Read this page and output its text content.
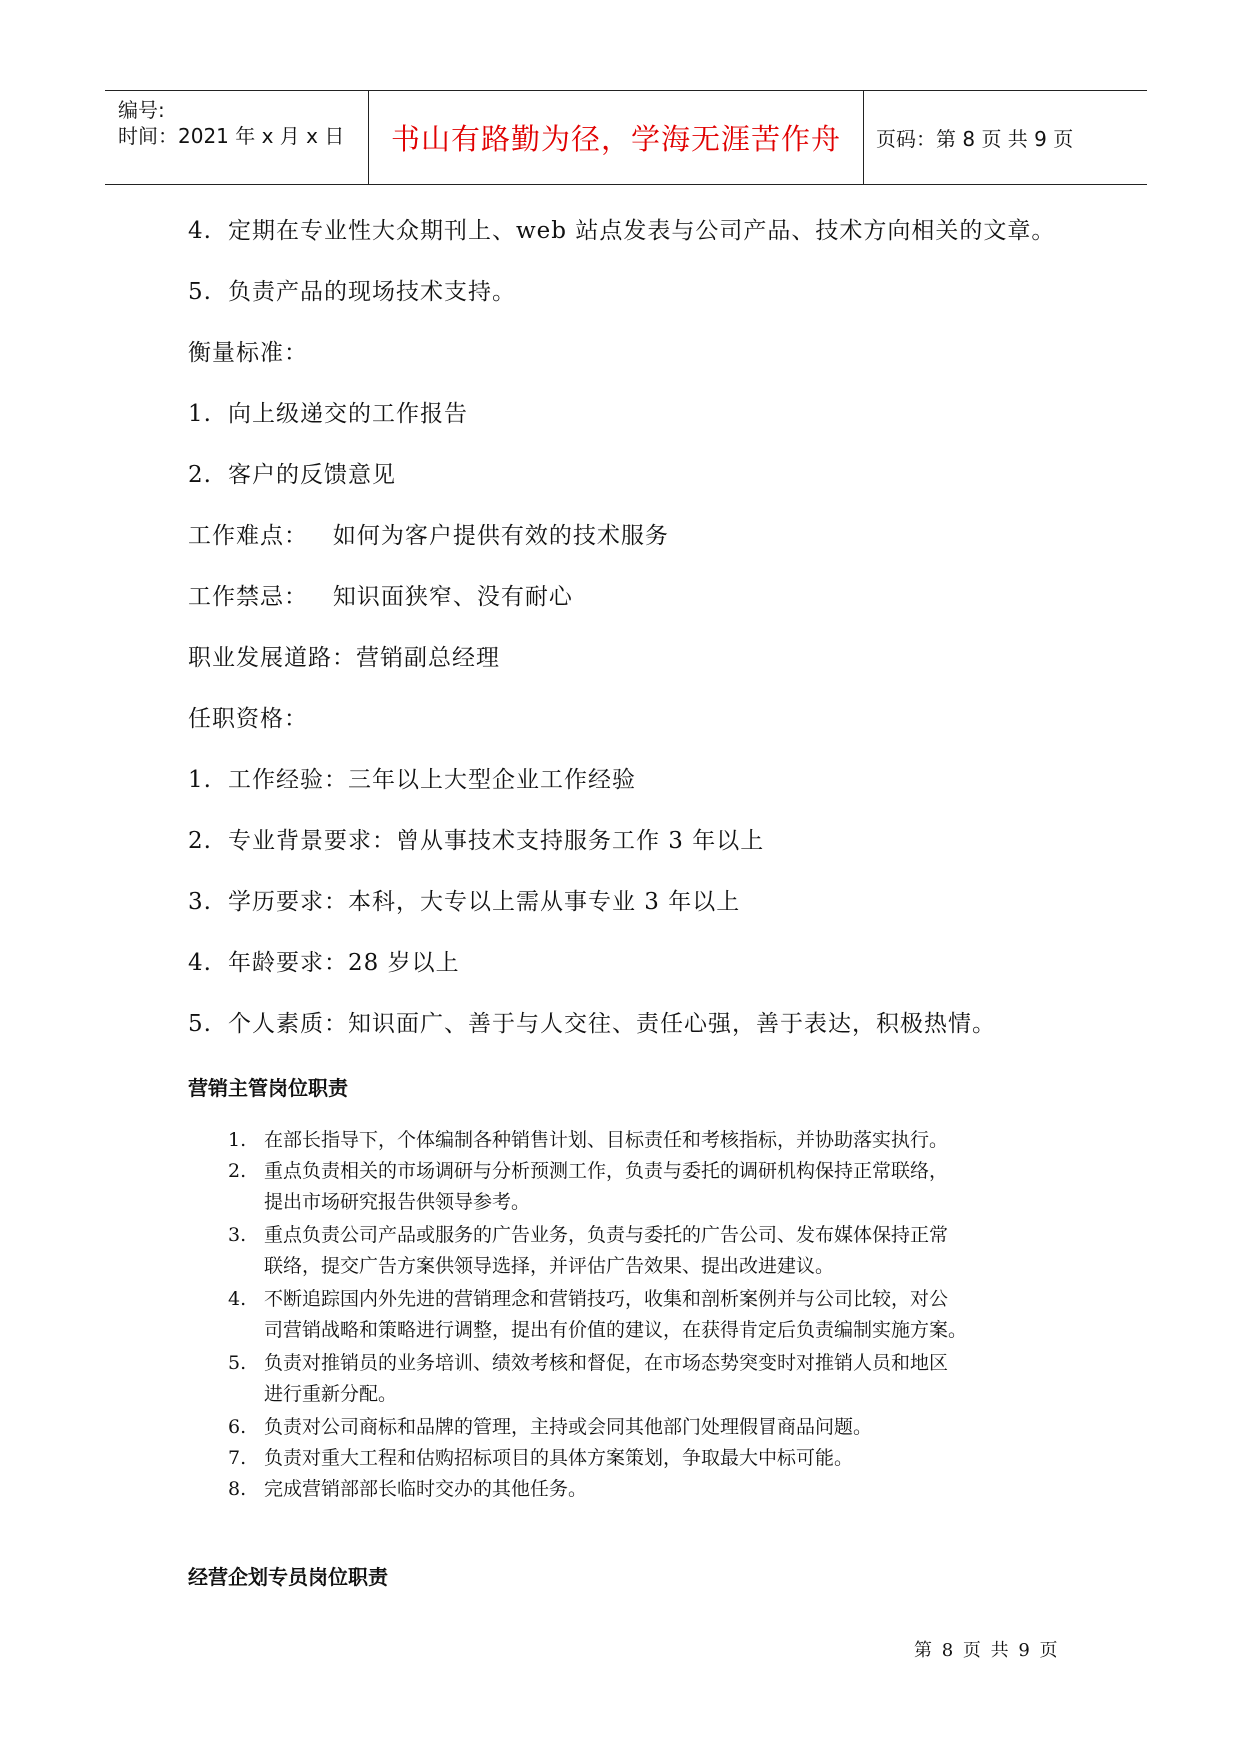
编号:
时间：2021 年 x 月 x 日	书山有路勤为径，学海无涯苦作舟	页码：第 8 页 共 9 页
4. 定期在专业性大众期刊上、web 站点发表与公司产品、技术方向相关的文章。
5. 负责产品的现场技术支持。
衡量标准：
1. 向上级递交的工作报告
2. 客户的反馈意见
工作难点：   如何为客户提供有效的技术服务
工作禁忌：   知识面狭窄、没有耐心
职业发展道路：营销副总经理
任职资格：
1. 工作经验：三年以上大型企业工作经验
2. 专业背景要求：曾从事技术支持服务工作 3 年以上
3. 学历要求：本科，大专以上需从事专业 3 年以上
4. 年龄要求：28 岁以上
5. 个人素质：知识面广、善于与人交往、责任心强，善于表达，积极热情。
营销主管岗位职责
1. 在部长指导下，个体编制各种销售计划、目标责任和考核指标，并协助落实执行。
2. 重点负责相关的市场调研与分析预测工作，负责与委托的调研机构保持正常联络，
提出市场研究报告供领导参考。
3. 重点负责公司产品或服务的广告业务，负责与委托的广告公司、发布媒体保持正常
联络，提交广告方案供领导选择，并评估广告效果、提出改进建议。
4. 不断追踪国内外先进的营销理念和营销技巧，收集和剖析案例并与公司比较，对公
司营销战略和策略进行调整，提出有价值的建议，在获得肯定后负责编制实施方案。
5. 负责对推销员的业务培训、绩效考核和督促，在市场态势突变时对推销人员和地区
进行重新分配。
6. 负责对公司商标和品牌的管理，主持或会同其他部门处理假冒商品问题。
7. 负责对重大工程和估购招标项目的具体方案策划，争取最大中标可能。
8. 完成营销部部长临时交办的其他任务。
经营企划专员岗位职责
第 8 页 共 9 页
